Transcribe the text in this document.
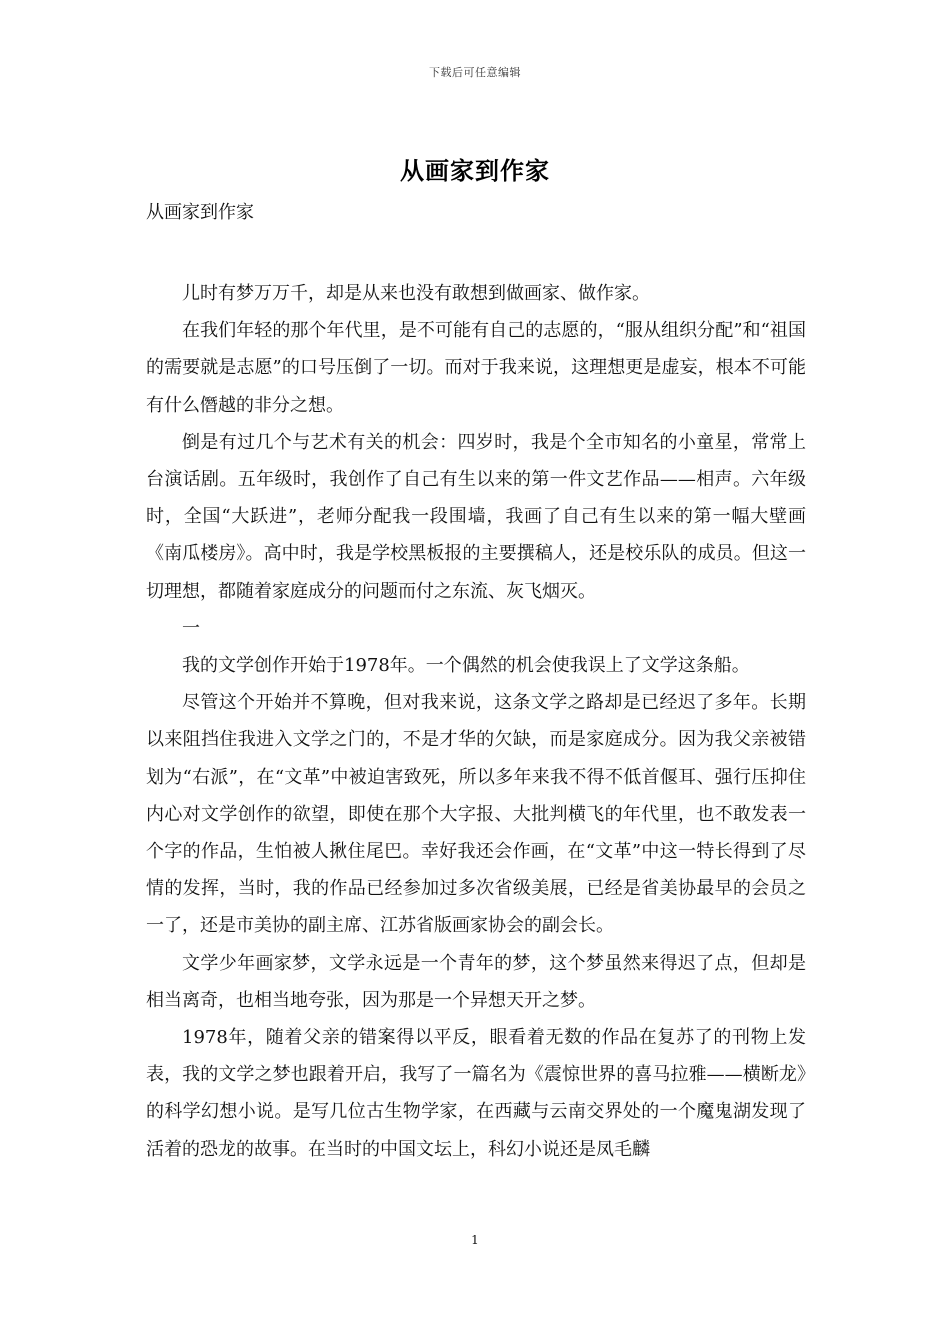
下载后可任意编辑
从画家到作家
从画家到作家

儿时有梦万万千，却是从来也没有敢想到做画家、做作家。

在我们年轻的那个年代里，是不可能有自己的志愿的，“服从组织分配”和“祖国的需要就是志愿”的口号压倒了一切。而对于我来说，这理想更是虚妄，根本不可能有什么僭越的非分之想。

倒是有过几个与艺术有关的机会：四岁时，我是个全市知名的小童星，常常上台演话剧。五年级时，我创作了自己有生以来的第一件文艺作品——相声。六年级时，全国“大跃进”，老师分配我一段围墙，我画了自己有生以来的第一幅大壁画《南瓜楼房》。高中时，我是学校黑板报的主要撰稿人，还是校乐队的成员。但这一切理想，都随着家庭成分的问题而付之东流、灰飞烟灭。

一

我的文学创作开始于1978年。一个偶然的机会使我误上了文学这条船。

尽管这个开始并不算晚，但对我来说，这条文学之路却是已经迟了多年。长期以来阻挡住我进入文学之门的，不是才华的欠缺，而是家庭成分。因为我父亲被错划为“右派”，在“文革”中被迫害致死，所以多年来我不得不低首偃耳、强行压抑住内心对文学创作的欲望，即使在那个大字报、大批判横飞的年代里，也不敢发表一个字的作品，生怕被人揪住尾巴。幸好我还会作画，在“文革”中这一特长得到了尽情的发挥，当时，我的作品已经参加过多次省级美展，已经是省美协最早的会员之一了，还是市美协的副主席、江苏省版画家协会的副会长。

文学少年画家梦，文学永远是一个青年的梦，这个梦虽然来得迟了点，但却是相当离奇，也相当地夸张，因为那是一个异想天开之梦。

1978年，随着父亲的错案得以平反，眼看着无数的作品在复苏了的刊物上发表，我的文学之梦也跟着开启，我写了一篇名为《震惊世界的喜马拉雅——横断龙》的科学幻想小说。是写几位古生物学家，在西藏与云南交界处的一个魔鬼湖发现了活着的恐龙的故事。在当时的中国文坛上，科幻小说还是凤毛麟

1
